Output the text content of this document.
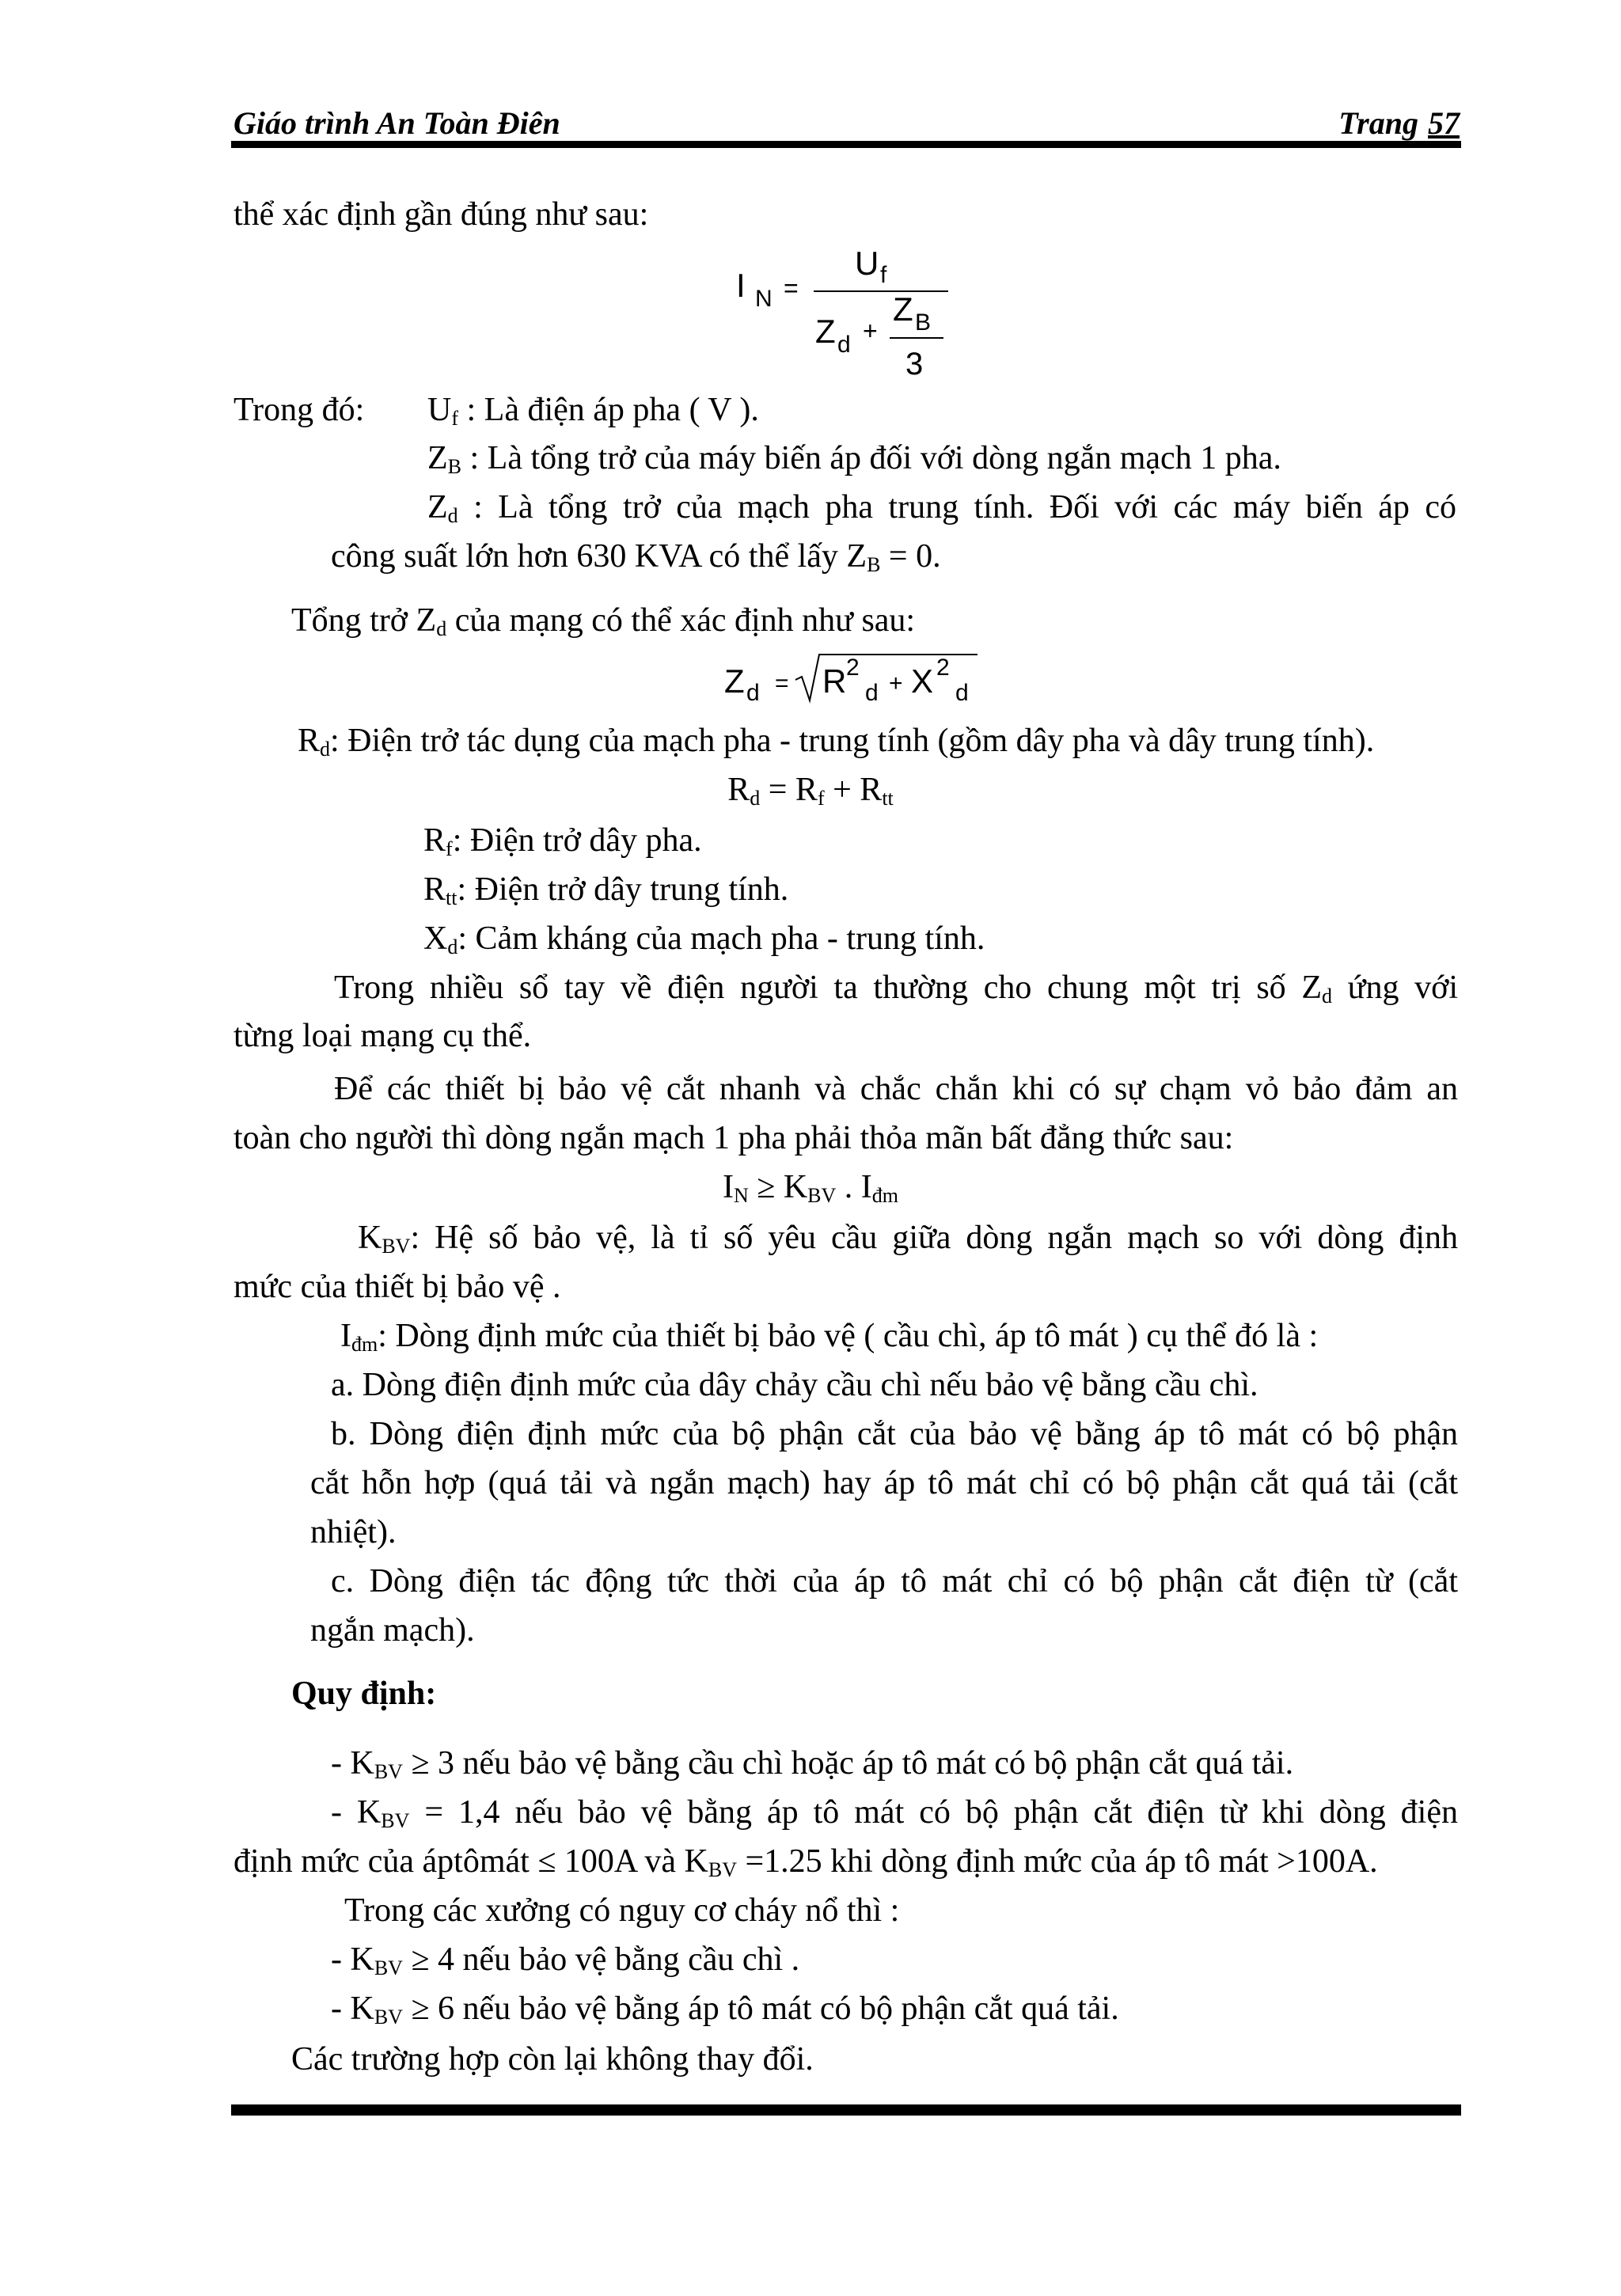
Giáo trình An Toàn Điên	Trang 57
thể xác định gần đúng như sau:
I N =
U f
Z d +
Z B
3
Trong đó: $U_f$ : Là điện áp pha ( V ).
$Z_B$ : Là tổng trở của máy biến áp đối với dòng ngắn mạch 1 pha.
$Z_d$ : Là tổng trở của mạch pha trung tính. Đối với các máy biến áp có
công suất lớn hơn 630 KVA có thể lấy $Z_B = 0$.
Tổng trở $Z_d$ của mạng có thể xác định như sau:
Z d = R 2
d + X 2
d
$R_d$: Điện trở tác dụng của mạch pha - trung tính (gồm dây pha và dây trung tính).
$R_d = R_f + R_{tt}$
$R_f$: Điện trở dây pha.
$R_{tt}$: Điện trở dây trung tính.
$X_d$: Cảm kháng của mạch pha - trung tính.
Trong nhiều sổ tay về điện người ta thường cho chung một trị số $Z_d$ ứng với
từng loại mạng cụ thể.
Để các thiết bị bảo vệ cắt nhanh và chắc chắn khi có sự chạm vỏ bảo đảm an
toàn cho người thì dòng ngắn mạch 1 pha phải thỏa mãn bất đẳng thức sau:
$I_N \ge K_{BV}$ . $I_{đm}$
$K_{BV}$: Hệ số bảo vệ, là tỉ số yêu cầu giữa dòng ngắn mạch so với dòng định
mức của thiết bị bảo vệ .
$I_{đm}$: Dòng định mức của thiết bị bảo vệ ( cầu chì, áp tô mát ) cụ thể đó là :
a. Dòng điện định mức của dây chảy cầu chì nếu bảo vệ bằng cầu chì.
b. Dòng điện định mức của bộ phận cắt của bảo vệ bằng áp tô mát có bộ phận
cắt hỗn hợp (quá tải và ngắn mạch) hay áp tô mát chỉ có bộ phận cắt quá tải (cắt
nhiệt).
c. Dòng điện tác động tức thời của áp tô mát chỉ có bộ phận cắt điện từ (cắt
ngắn mạch).
Quy định:
- $K_{BV} \ge 3$ nếu bảo vệ bằng cầu chì hoặc áp tô mát có bộ phận cắt quá tải.
- $K_{BV} = 1,4$ nếu bảo vệ bằng áp tô mát có bộ phận cắt điện từ khi dòng điện
định mức của áptômát ≤ 100A và $K_{BV} =1.25$ khi dòng định mức của áp tô mát >100A.
Trong các xưởng có nguy cơ cháy nổ thì :
- $K_{BV} \ge 4$ nếu bảo vệ bằng cầu chì .
- $K_{BV} \ge 6$ nếu bảo vệ bằng áp tô mát có bộ phận cắt quá tải.
Các trường hợp còn lại không thay đổi.
